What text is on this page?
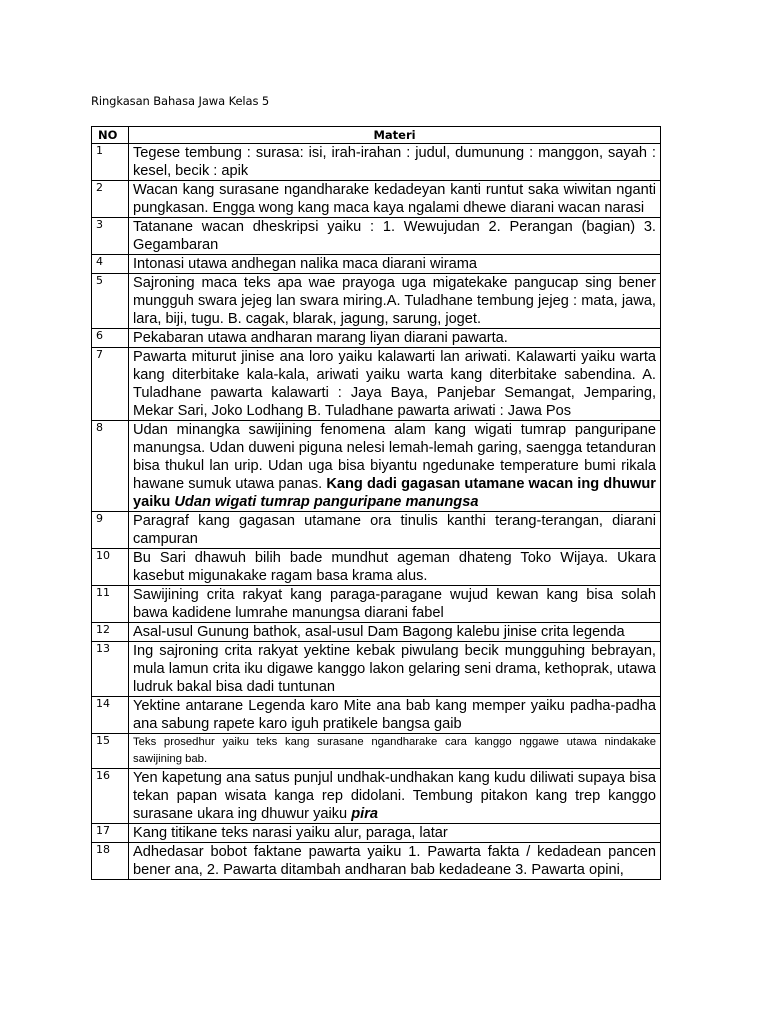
Ringkasan Bahasa Jawa Kelas 5
NO	Materi
1	Tegese tembung : surasa: isi, irah-irahan : judul, dumunung : manggon, sayah : kesel, becik : apik
2	Wacan kang surasane ngandharake kedadeyan kanti runtut saka wiwitan nganti pungkasan. Engga wong kang maca kaya ngalami dhewe diarani wacan narasi
3	Tatanane wacan dheskripsi yaiku : 1. Wewujudan 2. Perangan (bagian) 3. Gegambaran
4	Intonasi utawa andhegan nalika maca diarani wirama
5	Sajroning maca teks apa wae prayoga uga migatekake pangucap sing bener mungguh swara jejeg lan swara miring.A. Tuladhane tembung jejeg : mata, jawa, lara, biji, tugu. B. cagak, blarak, jagung, sarung, joget.
6	Pekabaran utawa andharan marang liyan diarani pawarta.
7	Pawarta miturut jinise ana loro yaiku kalawarti lan ariwati. Kalawarti yaiku warta kang diterbitake kala-kala, ariwati yaiku warta kang diterbitake sabendina. A. Tuladhane pawarta kalawarti : Jaya Baya, Panjebar Semangat, Jemparing, Mekar Sari, Joko Lodhang B. Tuladhane pawarta ariwati : Jawa Pos
8	Udan minangka sawijining fenomena alam kang wigati tumrap panguripane manungsa. Udan duweni piguna nelesi lemah-lemah garing, saengga tetanduran bisa thukul lan urip. Udan uga bisa biyantu ngedunake temperature bumi rikala hawane sumuk utawa panas. Kang dadi gagasan utamane wacan ing dhuwur yaiku Udan wigati tumrap panguripane manungsa
9	Paragraf kang gagasan utamane ora tinulis kanthi terang-terangan, diarani campuran
10	Bu Sari dhawuh bilih bade mundhut ageman dhateng Toko Wijaya. Ukara kasebut migunakake ragam basa krama alus.
11	Sawijining crita rakyat kang paraga-paragane wujud kewan kang bisa solah bawa kadidene lumrahe manungsa diarani fabel
12	Asal-usul Gunung bathok, asal-usul Dam Bagong kalebu jinise crita legenda
13	Ing sajroning crita rakyat yektine kebak piwulang becik mungguhing bebrayan, mula lamun crita iku digawe kanggo lakon gelaring seni drama, kethoprak, utawa ludruk bakal bisa dadi tuntunan
14	Yektine antarane Legenda karo Mite ana bab kang memper yaiku padha-padha ana sabung rapete karo iguh pratikele bangsa gaib
15	Teks prosedhur yaiku teks kang surasane ngandharake cara kanggo nggawe utawa nindakake sawijining bab.
16	Yen kapetung ana satus punjul undhak-undhakan kang kudu diliwati supaya bisa tekan papan wisata kanga rep didolani. Tembung pitakon kang trep kanggo surasane ukara ing dhuwur yaiku pira
17	Kang titikane teks narasi yaiku alur, paraga, latar
18	Adhedasar bobot faktane pawarta yaiku 1. Pawarta fakta / kedadean pancen bener ana, 2. Pawarta ditambah andharan bab kedadeane 3. Pawarta opini,
